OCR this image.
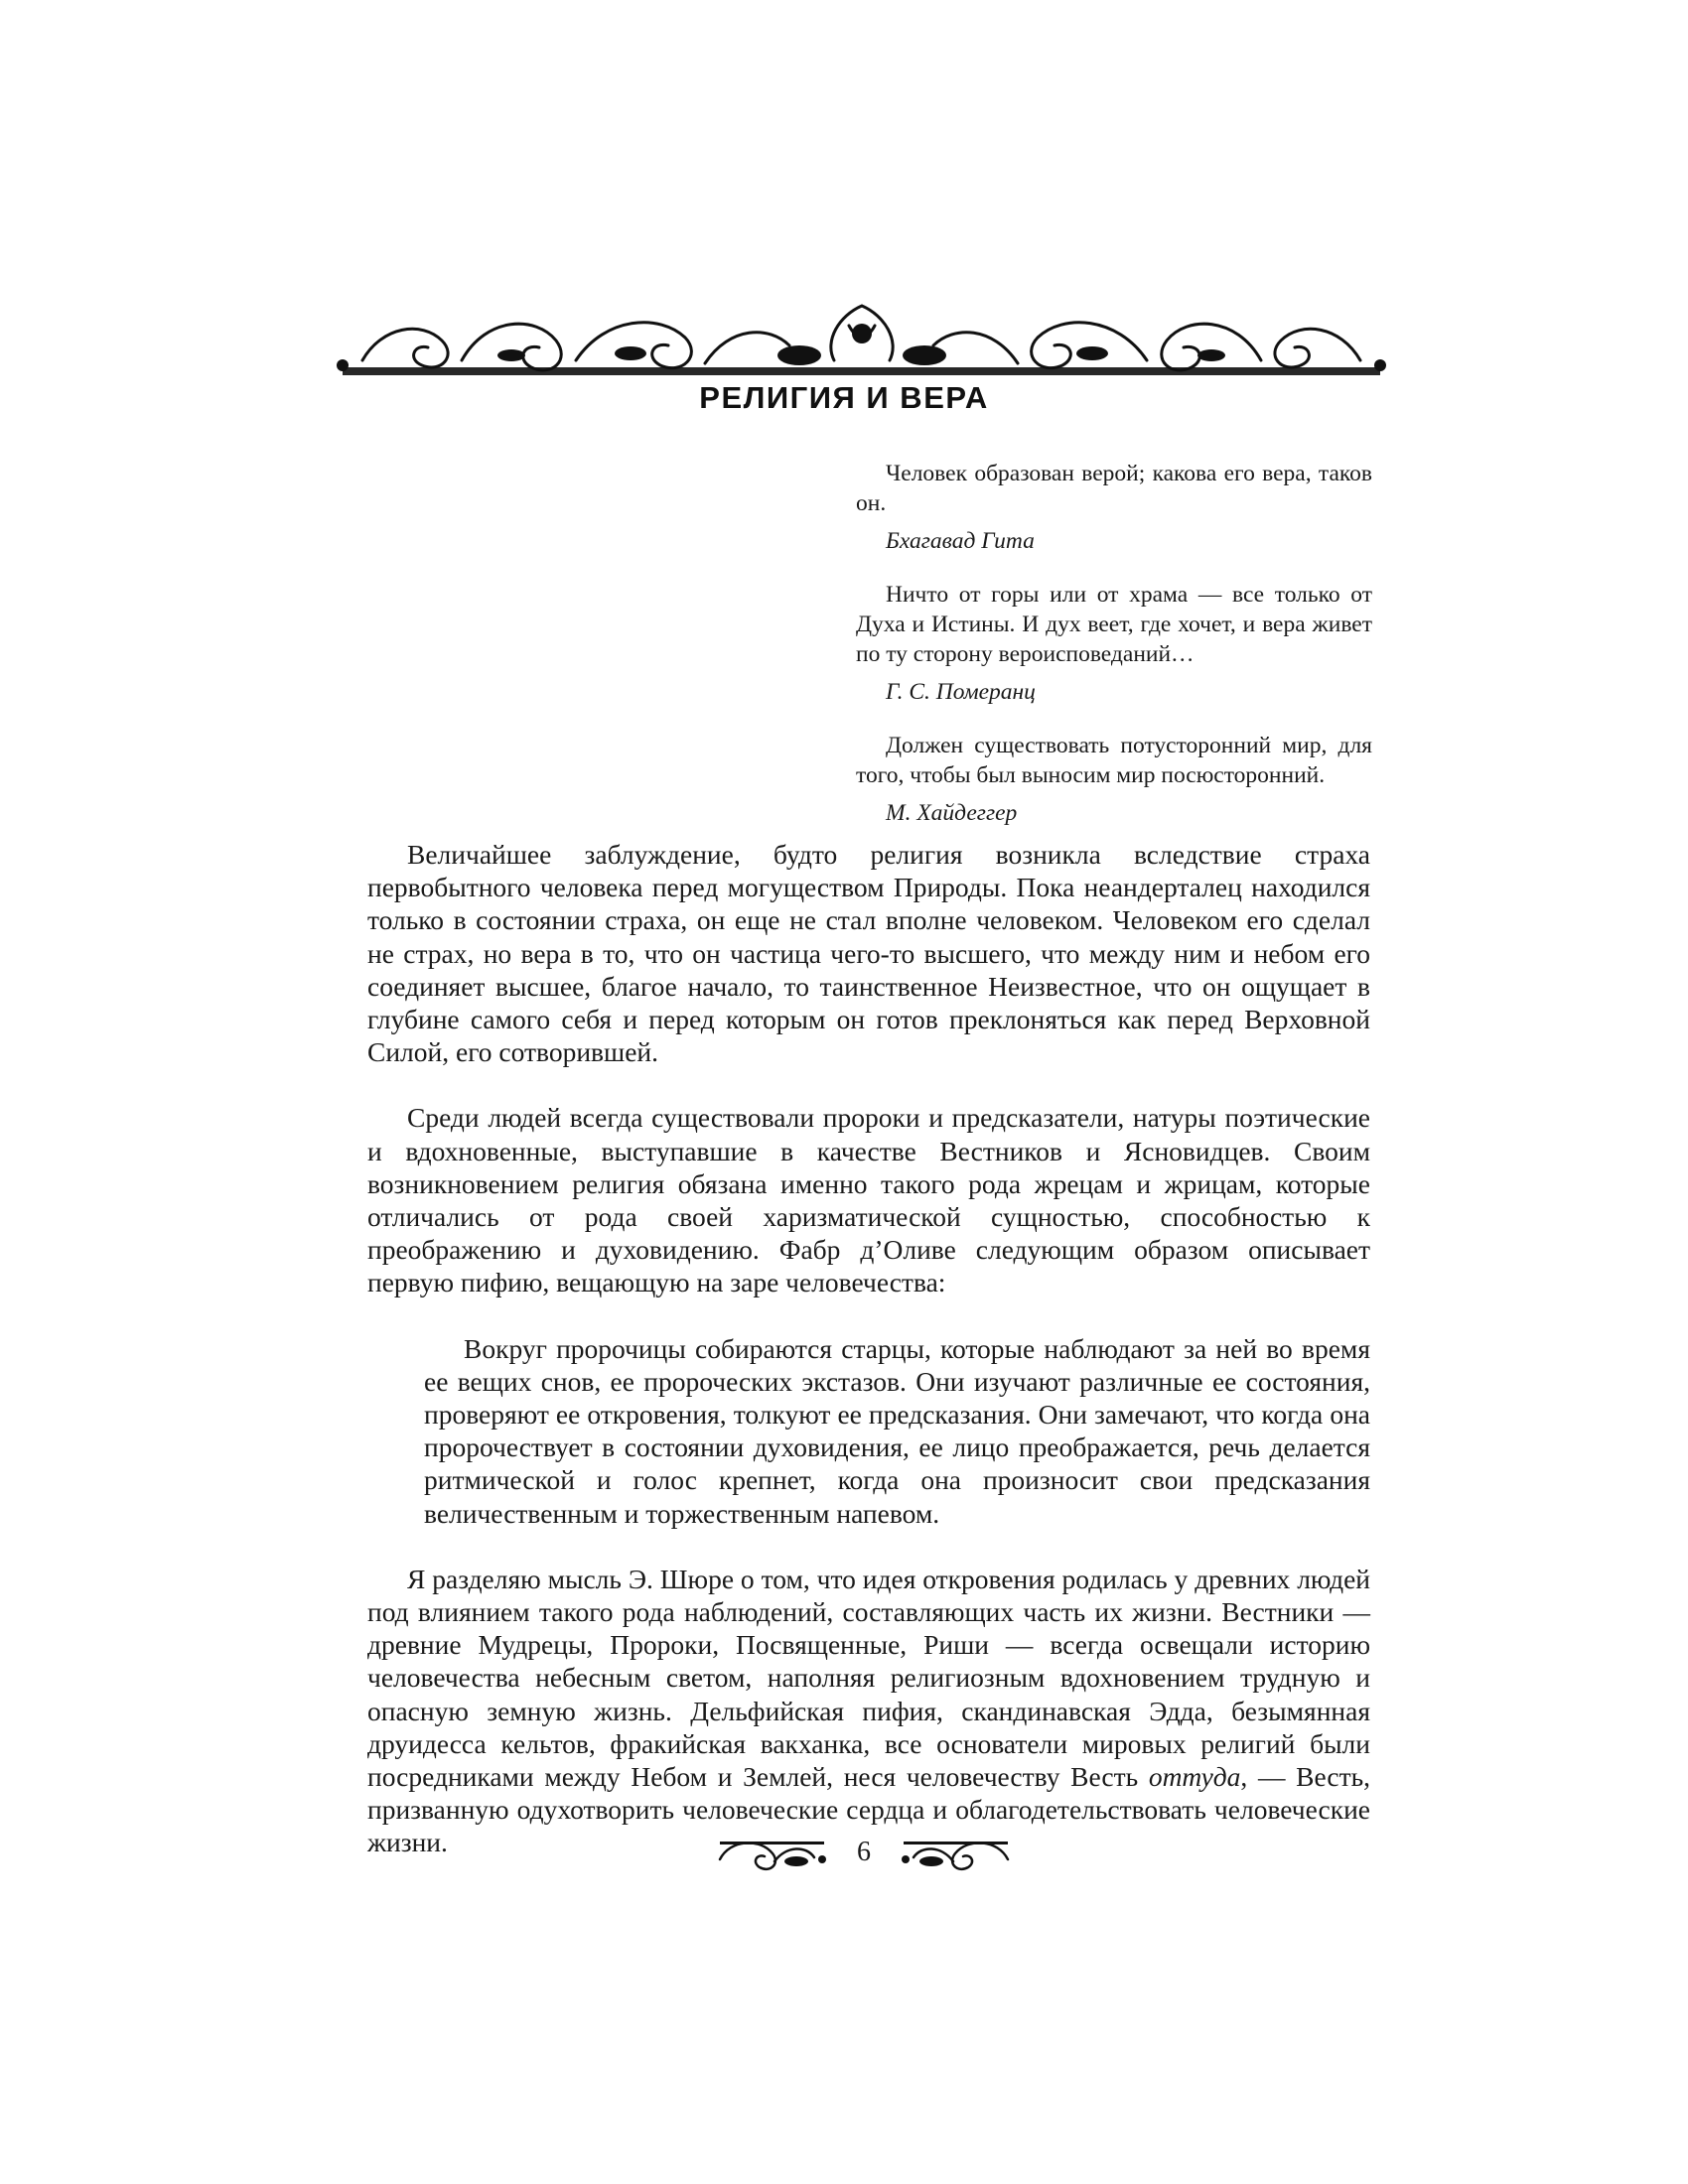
РЕЛИГИЯ И ВЕРА

Человек образован верой; какова его вера, таков он.

Бхагавад Гита

Ничто от горы или от храма — все только от Духа и Истины. И дух веет, где хочет, и вера живет по ту сторону вероисповеданий…

Г. С. Померанц

Должен существовать потусторонний мир, для того, чтобы был выносим мир посюсторонний.

М. Хайдеггер

Величайшее заблуждение, будто религия возникла вследствие страха первобытного человека перед могуществом Природы. Пока неандерталец находился только в состоянии страха, он еще не стал вполне человеком. Человеком его сделал не страх, но вера в то, что он частица чего-то высшего, что между ним и небом его соединяет высшее, благое начало, то таинственное Неизвестное, что он ощущает в глубине самого себя и перед которым он готов преклоняться как перед Верховной Силой, его сотворившей.

Среди людей всегда существовали пророки и предсказатели, натуры поэтические и вдохновенные, выступавшие в качестве Вестников и Ясновидцев. Своим возникновением религия обязана именно такого рода жрецам и жрицам, которые отличались от рода своей харизматической сущностью, способностью к преображению и духовидению. Фабр д’Оливе следующим образом описывает первую пифию, вещающую на заре человечества:

Вокруг пророчицы собираются старцы, которые наблюдают за ней во время ее вещих снов, ее пророческих экстазов. Они изучают различные ее состояния, проверяют ее откровения, толкуют ее предсказания. Они замечают, что когда она пророчествует в состоянии духовидения, ее лицо преображается, речь делается ритмической и голос крепнет, когда она произносит свои предсказания величественным и торжественным напевом.

Я разделяю мысль Э. Шюре о том, что идея откровения родилась у древних людей под влиянием такого рода наблюдений, составляющих часть их жизни. Вестники — древние Мудрецы, Пророки, Посвященные, Риши — всегда освещали историю человечества небесным светом, наполняя религиозным вдохновением трудную и опасную земную жизнь. Дельфийская пифия, скандинавская Эдда, безымянная друидесса кельтов, фракийская вакханка, все основатели мировых религий были посредниками между Небом и Землей, неся человечеству Весть оттуда, — Весть, призванную одухотворить человеческие сердца и облагодетельствовать человеческие жизни.	6
